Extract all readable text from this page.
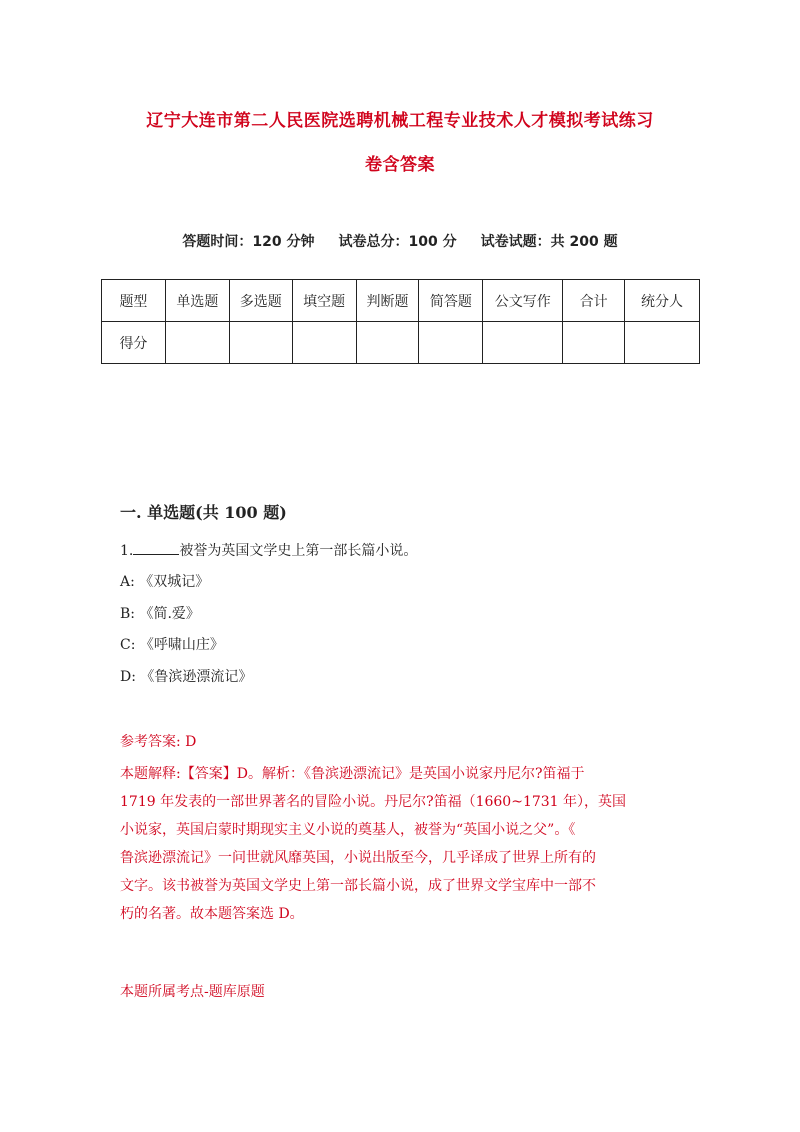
辽宁大连市第二人民医院选聘机械工程专业技术人才模拟考试练习
卷含答案
答题时间：120 分钟 试卷总分：100 分 试卷试题：共 200 题
题型	单选题	多选题	填空题	判断题	简答题	公文写作	合计	统分人
得分								
一. 单选题(共 100 题)
1.	被誉为英国文学史上第一部长篇小说。
A: 《双城记》
B: 《简.爱》
C: 《呼啸山庄》
D: 《鲁滨逊漂流记》
参考答案: D
本题解释:【答案】D。解析：《鲁滨逊漂流记》是英国小说家丹尼尔?笛福于
1719 年发表的一部世界著名的冒险小说。丹尼尔?笛福（1660~1731 年），英国
小说家，英国启蒙时期现实主义小说的奠基人，被誉为“英国小说之父”。《
鲁滨逊漂流记》一问世就风靡英国，小说出版至今，几乎译成了世界上所有的
文字。该书被誉为英国文学史上第一部长篇小说，成了世界文学宝库中一部不
朽的名著。故本题答案选 D。
本题所属考点-题库原题
